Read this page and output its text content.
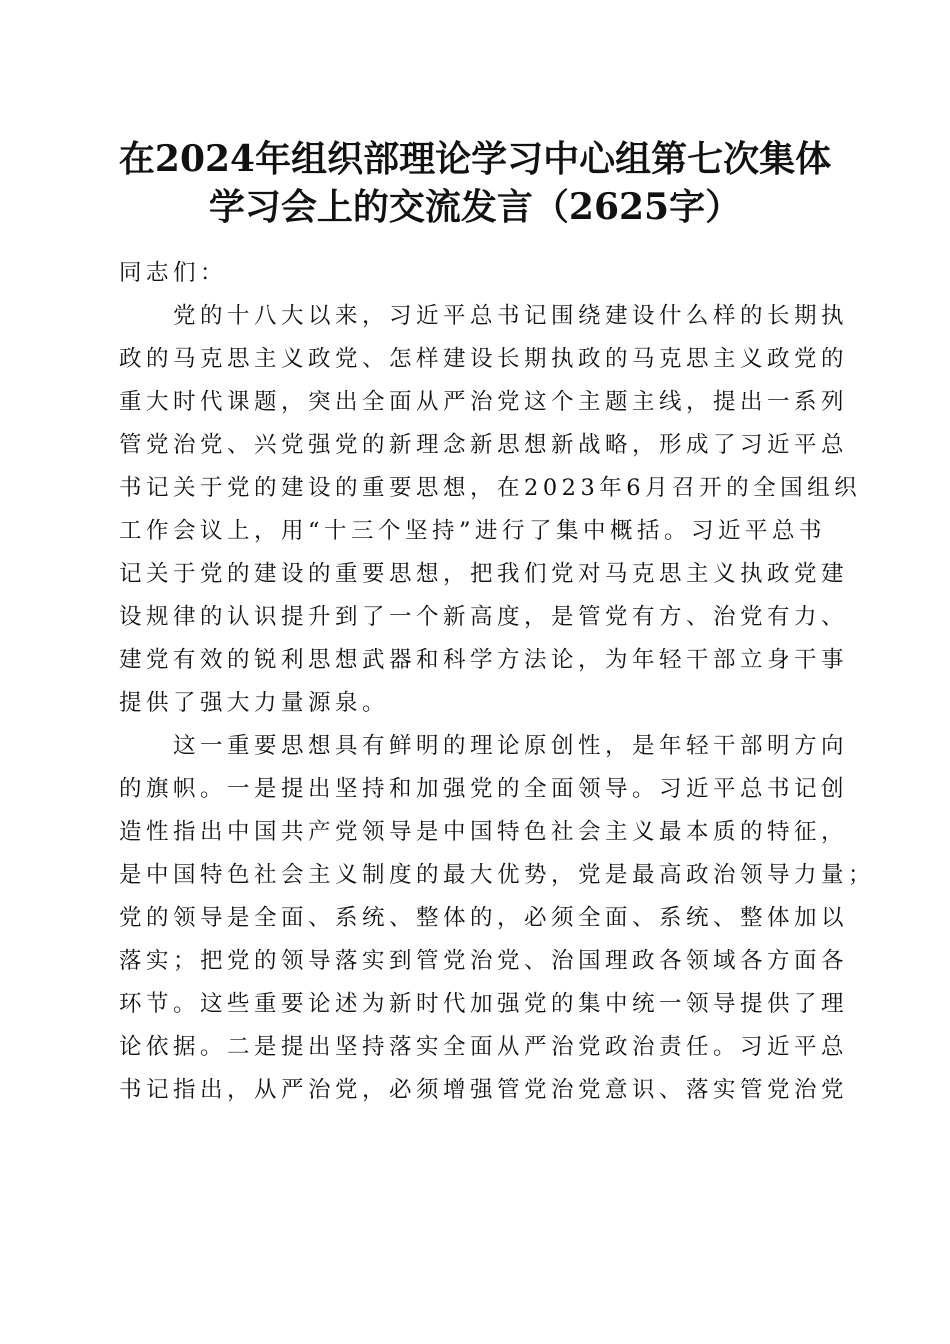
在2024年组织部理论学习中心组第七次集体
学习会上的交流发言（2625字）
同志们：
党的十八大以来，习近平总书记围绕建设什么样的长期执
政的马克思主义政党、怎样建设长期执政的马克思主义政党的
重大时代课题，突出全面从严治党这个主题主线，提出一系列
管党治党、兴党强党的新理念新思想新战略，形成了习近平总
书记关于党的建设的重要思想，在2023年6月召开的全国组织
工作会议上，用“十三个坚持”进行了集中概括。习近平总书
记关于党的建设的重要思想，把我们党对马克思主义执政党建
设规律的认识提升到了一个新高度，是管党有方、治党有力、
建党有效的锐利思想武器和科学方法论，为年轻干部立身干事
提供了强大力量源泉。
这一重要思想具有鲜明的理论原创性，是年轻干部明方向
的旗帜。一是提出坚持和加强党的全面领导。习近平总书记创
造性指出中国共产党领导是中国特色社会主义最本质的特征，
是中国特色社会主义制度的最大优势，党是最高政治领导力量；
党的领导是全面、系统、整体的，必须全面、系统、整体加以
落实；把党的领导落实到管党治党、治国理政各领域各方面各
环节。这些重要论述为新时代加强党的集中统一领导提供了理
论依据。二是提出坚持落实全面从严治党政治责任。习近平总
书记指出，从严治党，必须增强管党治党意识、落实管党治党
